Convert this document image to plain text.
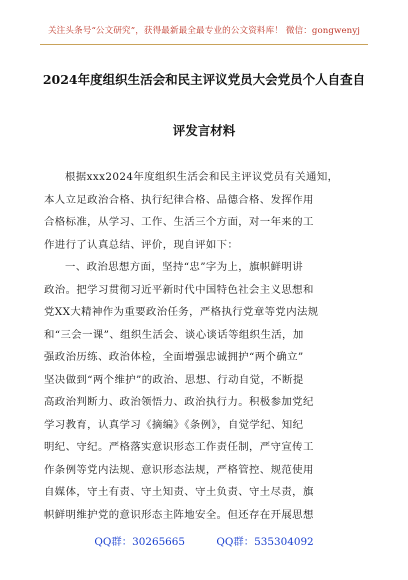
关注头条号“公文研究”，获得最新最全最专业的公文资料库！ 微信：gongwenyj
2024年度组织生活会和民主评议党员大会党员个人自查自
评发言材料

根据xxx2024年度组织生活会和民主评议党员有关通知，
本人立足政治合格、执行纪律合格、品德合格、发挥作用
合格标准，从学习、工作、生活三个方面，对一年来的工
作进行了认真总结、评价，现自评如下：

一、政治思想方面，坚持“忠”字为上，旗帜鲜明讲
政治。把学习贯彻习近平新时代中国特色社会主义思想和
党XX大精神作为重要政治任务，严格执行党章等党内法规
和“三会一课”、组织生活会、谈心谈话等组织生活，加
强政治历练、政治体检，全面增强忠诚拥护“两个确立”
坚决做到“两个维护”的政治、思想、行动自觉，不断提
高政治判断力、政治领悟力、政治执行力。积极参加党纪
学习教育，认真学习《摘编》《条例》，自觉学纪、知纪
明纪、守纪。严格落实意识形态工作责任制，严守宣传工
作条例等党内法规、意识形态法规，严格管控、规范使用
自媒体，守土有责、守土知责、守土负责、守土尽责，旗
帜鲜明维护党的意识形态主阵地安全。但还存在开展思想

QQ群：30265665	QQ群：535304092
